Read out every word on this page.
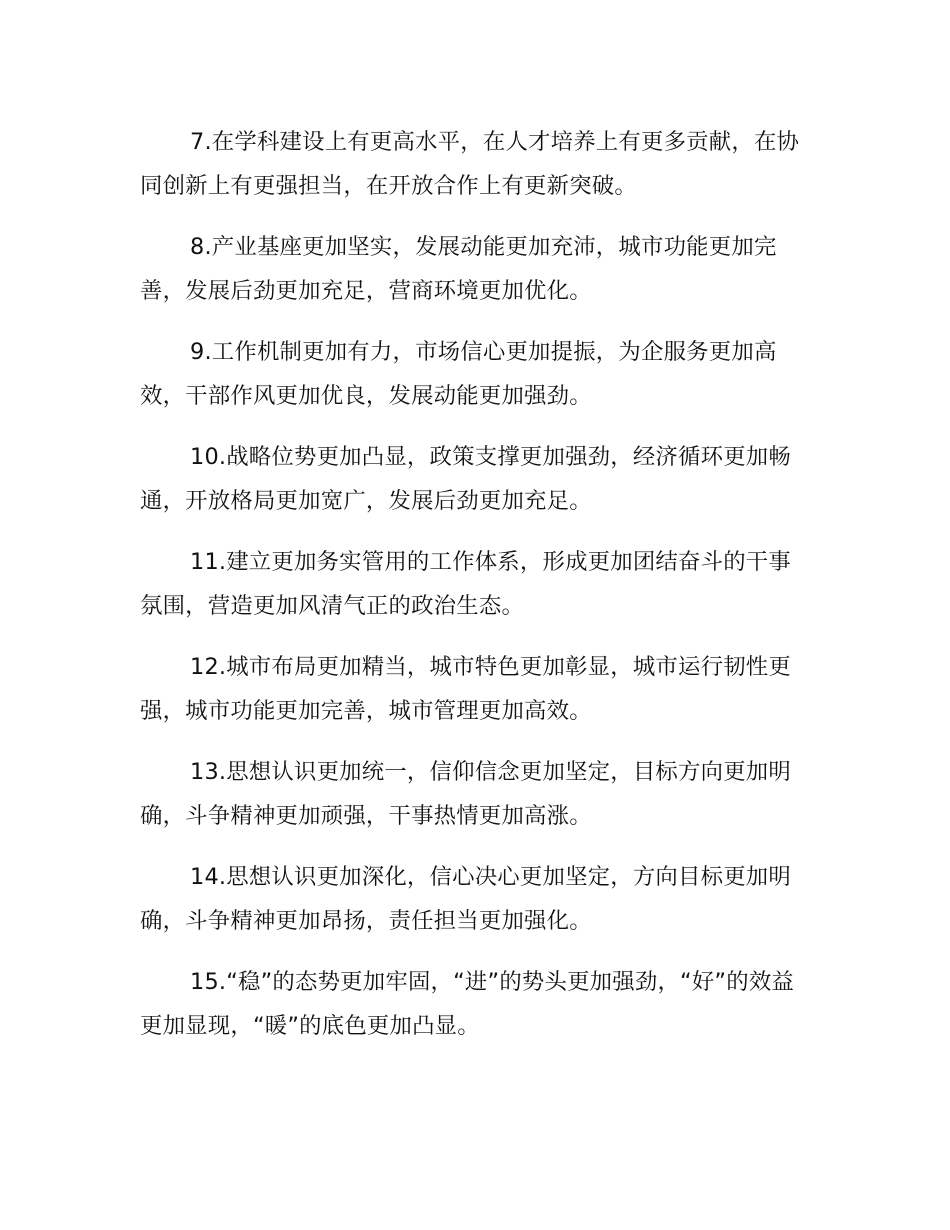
7.在学科建设上有更高水平，在人才培养上有更多贡献，在协同创新上有更强担当，在开放合作上有更新突破。

8.产业基座更加坚实，发展动能更加充沛，城市功能更加完善，发展后劲更加充足，营商环境更加优化。

9.工作机制更加有力，市场信心更加提振，为企服务更加高效，干部作风更加优良，发展动能更加强劲。

10.战略位势更加凸显，政策支撑更加强劲，经济循环更加畅通，开放格局更加宽广，发展后劲更加充足。

11.建立更加务实管用的工作体系，形成更加团结奋斗的干事氛围，营造更加风清气正的政治生态。

12.城市布局更加精当，城市特色更加彰显，城市运行韧性更强，城市功能更加完善，城市管理更加高效。

13.思想认识更加统一，信仰信念更加坚定，目标方向更加明确，斗争精神更加顽强，干事热情更加高涨。

14.思想认识更加深化，信心决心更加坚定，方向目标更加明确，斗争精神更加昂扬，责任担当更加强化。

15.“稳”的态势更加牢固，“进”的势头更加强劲，“好”的效益更加显现，“暖”的底色更加凸显。
